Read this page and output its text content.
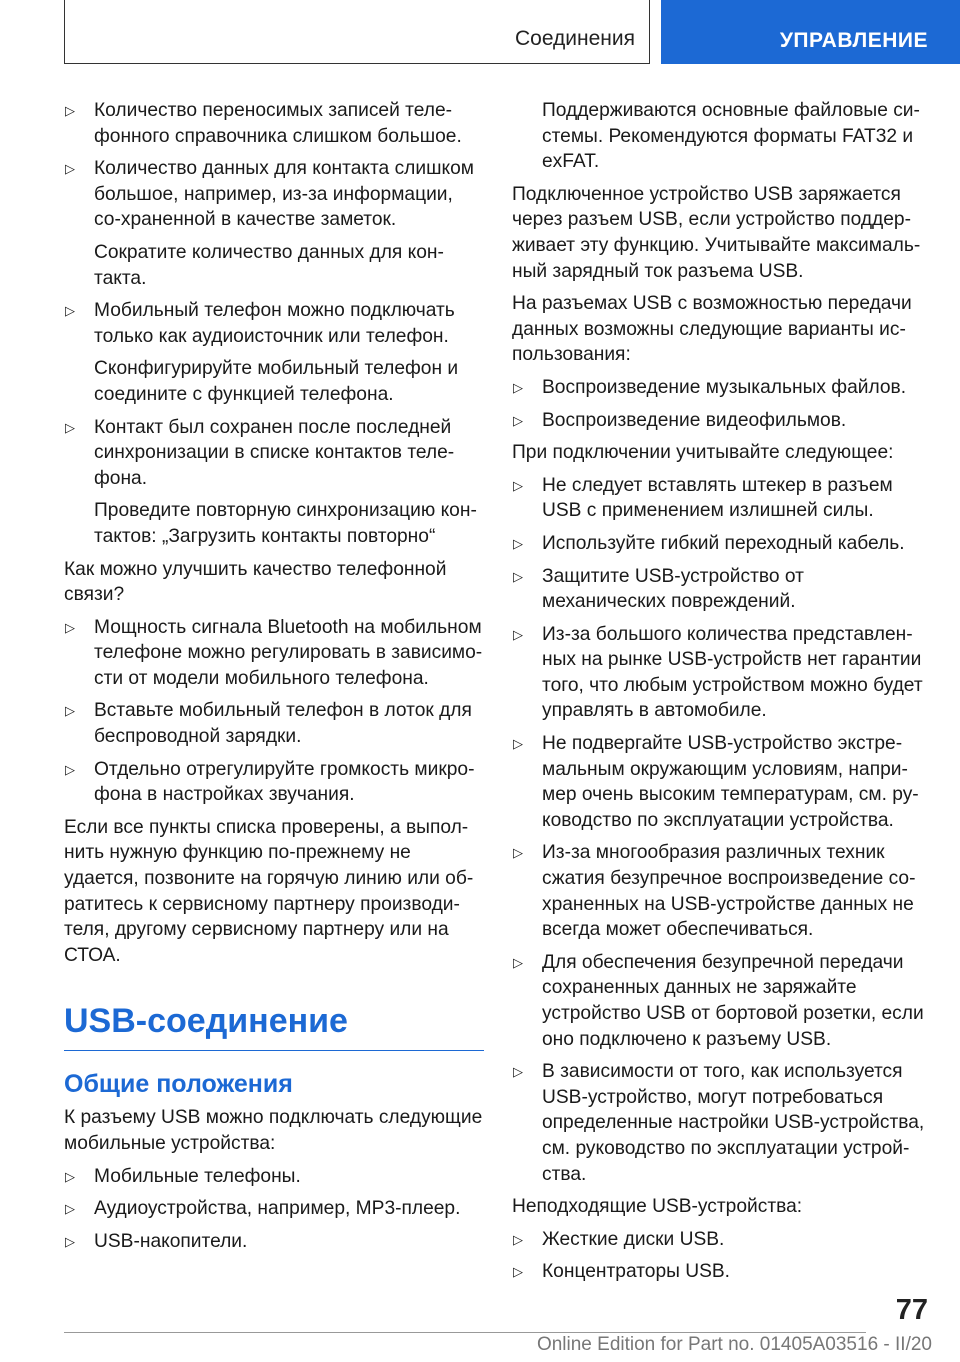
Соединения	УПРАВЛЕНИЕ
▷ Количество переносимых записей теле-фонного справочника слишком большое.
▷ Количество данных для контакта слишком большое, например, из-за информации, со-храненной в качестве заметок.
Сократите количество данных для кон-такта.
▷ Мобильный телефон можно подключать только как аудиоисточник или телефон.
Сконфигурируйте мобильный телефон и соедините с функцией телефона.
▷ Контакт был сохранен после последней синхронизации в списке контактов теле-фона.
Проведите повторную синхронизацию кон-тактов: „Загрузить контакты повторно“
Как можно улучшить качество телефонной связи?
▷ Мощность сигнала Bluetooth на мобильном телефоне можно регулировать в зависимо-сти от модели мобильного телефона.
▷ Вставьте мобильный телефон в лоток для беспроводной зарядки.
▷ Отдельно отрегулируйте громкость микро-фона в настройках звучания.
Если все пункты списка проверены, а выпол-нить нужную функцию по-прежнему не удается, позвоните на горячую линию или об-ратитесь к сервисному партнеру производи-теля, другому сервисному партнеру или на СТОА.
USB-соединение
Общие положения
К разъему USB можно подключать следующие мобильные устройства:
▷ Мобильные телефоны.
▷ Аудиоустройства, например, MP3-плеер.
▷ USB-накопители.
Поддерживаются основные файловые си-стемы. Рекомендуются форматы FAT32 и exFAT.
Подключенное устройство USB заряжается через разъем USB, если устройство поддер-живает эту функцию. Учитывайте максималь-ный зарядный ток разъема USB.
На разъемах USB с возможностью передачи данных возможны следующие варианты ис-пользования:
▷ Воспроизведение музыкальных файлов.
▷ Воспроизведение видеофильмов.
При подключении учитывайте следующее:
▷ Не следует вставлять штекер в разъем USB с применением излишней силы.
▷ Используйте гибкий переходный кабель.
▷ Защитите USB-устройство от механических повреждений.
▷ Из-за большого количества представлен-ных на рынке USB-устройств нет гарантии того, что любым устройством можно будет управлять в автомобиле.
▷ Не подвергайте USB-устройство экстре-мальным окружающим условиям, напри-мер очень высоким температурам, см. ру-ководство по эксплуатации устройства.
▷ Из-за многообразия различных техник сжатия безупречное воспроизведение со-храненных на USB-устройстве данных не всегда может обеспечиваться.
▷ Для обеспечения безупречной передачи сохраненных данных не заряжайте устройство USB от бортовой розетки, если оно подключено к разъему USB.
▷ В зависимости от того, как используется USB-устройство, могут потребоваться определенные настройки USB-устройства, см. руководство по эксплуатации устрой-ства.
Неподходящие USB-устройства:
▷ Жесткие диски USB.
▷ Концентраторы USB.
77
Online Edition for Part no. 01405A03516 - II/20
